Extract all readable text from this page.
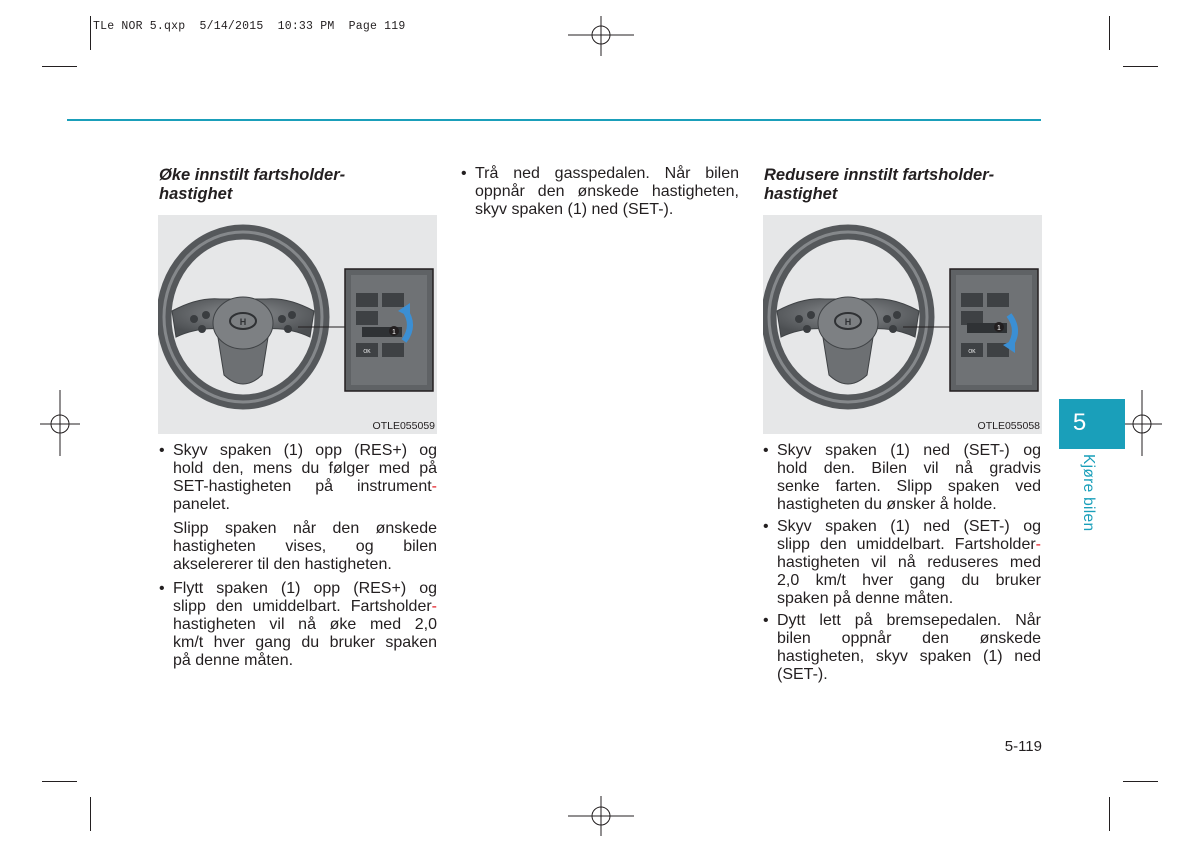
TLe NOR 5.qxp  5/14/2015  10:33 PM  Page 119
Øke innstilt fartsholder-
hastighet
H
1
OK
OTLE055059
• Skyv spaken (1) opp (RES+) og
hold den, mens du følger med på
SET-hastigheten på instrument-
panelet.
Slipp spaken når den ønskede
hastigheten vises, og bilen
akselererer til den hastigheten.
• Flytt spaken (1) opp (RES+) og
slipp den umiddelbart. Fartsholder-
hastigheten vil nå øke med 2,0
km/t hver gang du bruker spaken
på denne måten.
• Trå ned gasspedalen. Når bilen
oppnår den ønskede hastigheten,
skyv spaken (1) ned (SET-).
Redusere innstilt fartsholder-
hastighet
H
1
OK
OTLE055058
• Skyv spaken (1) ned (SET-) og
hold den. Bilen vil nå gradvis
senke farten. Slipp spaken ved
hastigheten du ønsker å holde.
• Skyv spaken (1) ned (SET-) og
slipp den umiddelbart. Fartsholder-
hastigheten vil nå reduseres med
2,0 km/t hver gang du bruker
spaken på denne måten.
• Dytt lett på bremsepedalen. Når
bilen oppnår den ønskede
hastigheten, skyv spaken (1) ned
(SET-).
5
Kjøre bilen
5-119
